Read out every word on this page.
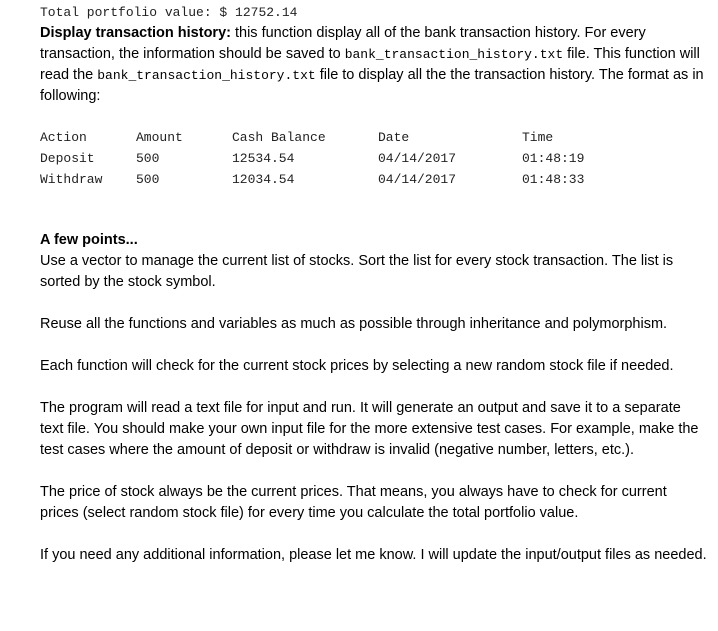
Total portfolio value: $ 12752.14

Display transaction history: this function display all of the bank transaction history. For every transaction, the information should be saved to bank_transaction_history.txt file. This function will read the bank_transaction_history.txt file to display all the the transaction history. The format as in following:

Action	Amount	Cash Balance	Date	Time
Deposit	500	12534.54	04/14/2017	01:48:19
Withdraw	500	12034.54	04/14/2017	01:48:33

A few points...

Use a vector to manage the current list of stocks. Sort the list for every stock transaction. The list is sorted by the stock symbol.

Reuse all the functions and variables as much as possible through inheritance and polymorphism.

Each function will check for the current stock prices by selecting a new random stock file if needed.

The program will read a text file for input and run. It will generate an output and save it to a separate text file. You should make your own input file for the more extensive test cases. For example, make the test cases where the amount of deposit or withdraw is invalid (negative number, letters, etc.).

The price of stock always be the current prices. That means, you always have to check for current prices (select random stock file) for every time you calculate the total portfolio value.

If you need any additional information, please let me know. I will update the input/output files as needed.
